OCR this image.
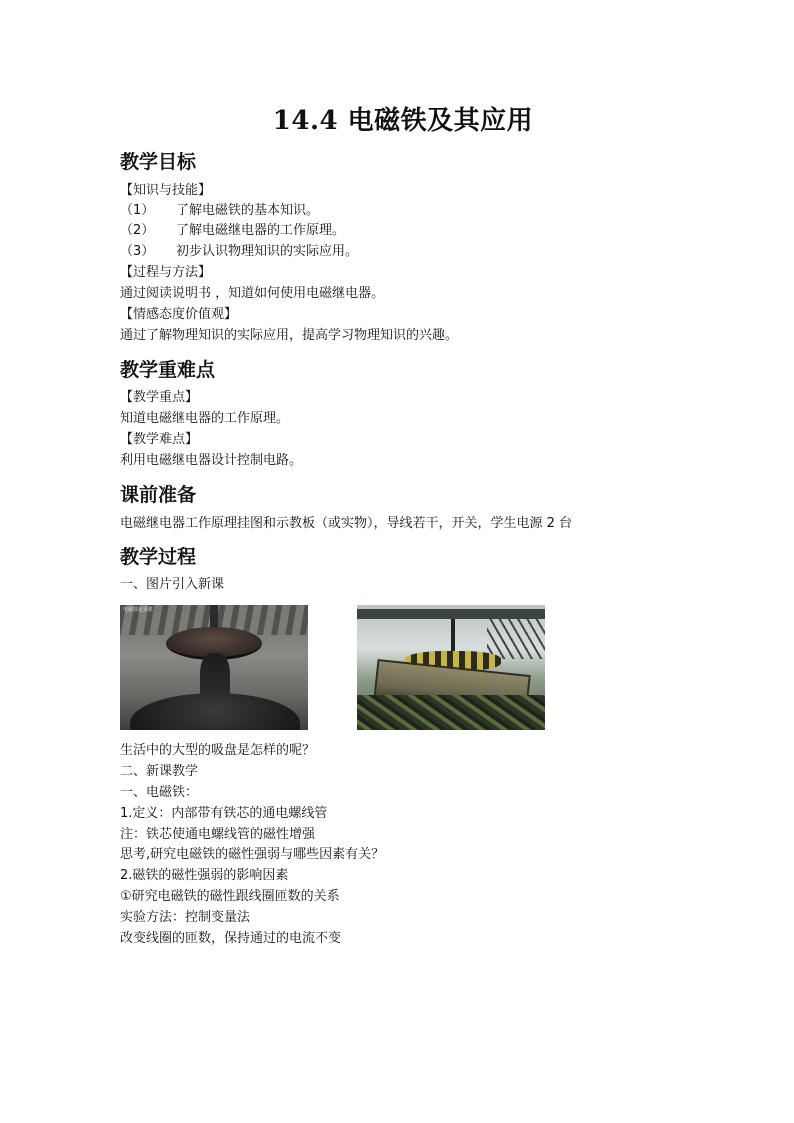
14.4 电磁铁及其应用
教学目标
【知识与技能】
（1） 了解电磁铁的基本知识。
（2） 了解电磁继电器的工作原理。
（3） 初步认识物理知识的实际应用。
【过程与方法】
通过阅读说明书 ，知道如何使用电磁继电器。
【情感态度价值观】
通过了解物理知识的实际应用，提高学习物理知识的兴趣。
教学重难点
【教学重点】
知道电磁继电器的工作原理。
【教学难点】
利用电磁继电器设计控制电路。
课前准备
电磁继电器工作原理挂图和示教板（或实物），导线若干，开关，学生电源 2 台
教学过程
一、图片引入新课
电磁铁起重机
生活中的大型的吸盘是怎样的呢？
二、新课教学
一、电磁铁：
1.定义：内部带有铁芯的通电螺线管
注：铁芯使通电螺线管的磁性增强
思考,研究电磁铁的磁性强弱与哪些因素有关？
2.磁铁的磁性强弱的影响因素
①研究电磁铁的磁性跟线圈匝数的关系
实验方法：控制变量法
改变线圈的匝数，保持通过的电流不变
